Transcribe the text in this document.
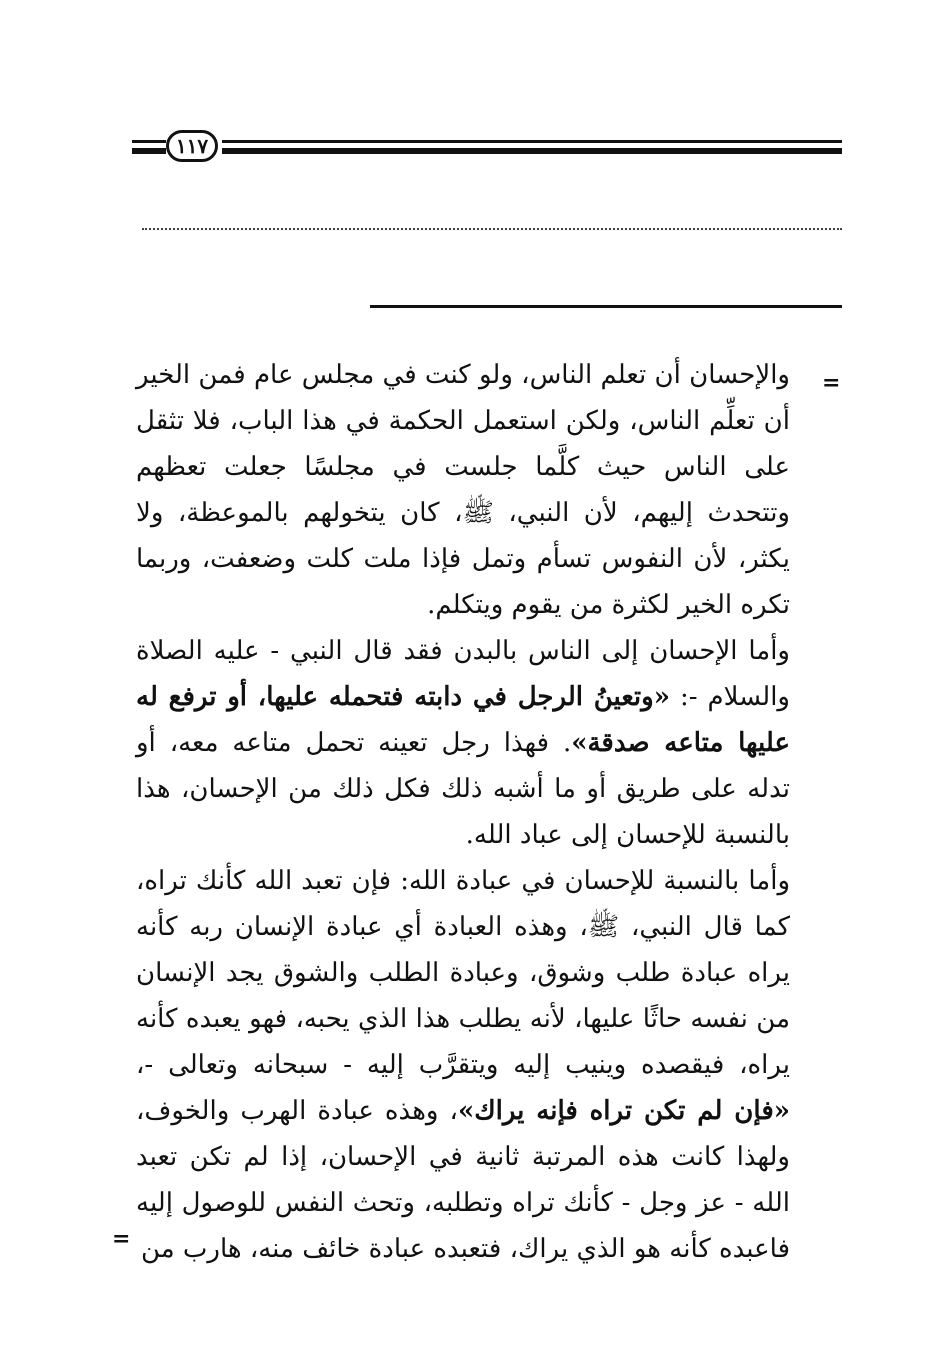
١١٧
=

والإحسان أن تعلم الناس، ولو كنت في مجلس عام فمن الخير أن تعلِّم الناس، ولكن استعمل الحكمة في هذا الباب، فلا تثقل على الناس حيث كلَّما جلست في مجلسًا جعلت تعظهم وتتحدث إليهم، لأن النبي، ﷺ، كان يتخولهم بالموعظة، ولا يكثر، لأن النفوس تسأم وتمل فإذا ملت كلت وضعفت، وربما تكره الخير لكثرة من يقوم ويتكلم.

وأما الإحسان إلى الناس بالبدن فقد قال النبي - عليه الصلاة والسلام -: «وتعينُ الرجل في دابته فتحمله عليها، أو ترفع له عليها متاعه صدقة». فهذا رجل تعينه تحمل متاعه معه، أو تدله على طريق أو ما أشبه ذلك فكل ذلك من الإحسان، هذا بالنسبة للإحسان إلى عباد الله.

وأما بالنسبة للإحسان في عبادة الله: فإن تعبد الله كأنك تراه، كما قال النبي، ﷺ، وهذه العبادة أي عبادة الإنسان ربه كأنه يراه عبادة طلب وشوق، وعبادة الطلب والشوق يجد الإنسان من نفسه حاثًا عليها، لأنه يطلب هذا الذي يحبه، فهو يعبده كأنه يراه، فيقصده وينيب إليه ويتقرَّب إليه - سبحانه وتعالى -، «فإن لم تكن تراه فإنه يراك»، وهذه عبادة الهرب والخوف، ولهذا كانت هذه المرتبة ثانية في الإحسان، إذا لم تكن تعبد الله - عز وجل - كأنك تراه وتطلبه، وتحث النفس للوصول إليه فاعبده كأنه هو الذي يراك، فتعبده عبادة خائف منه، هارب من

=
